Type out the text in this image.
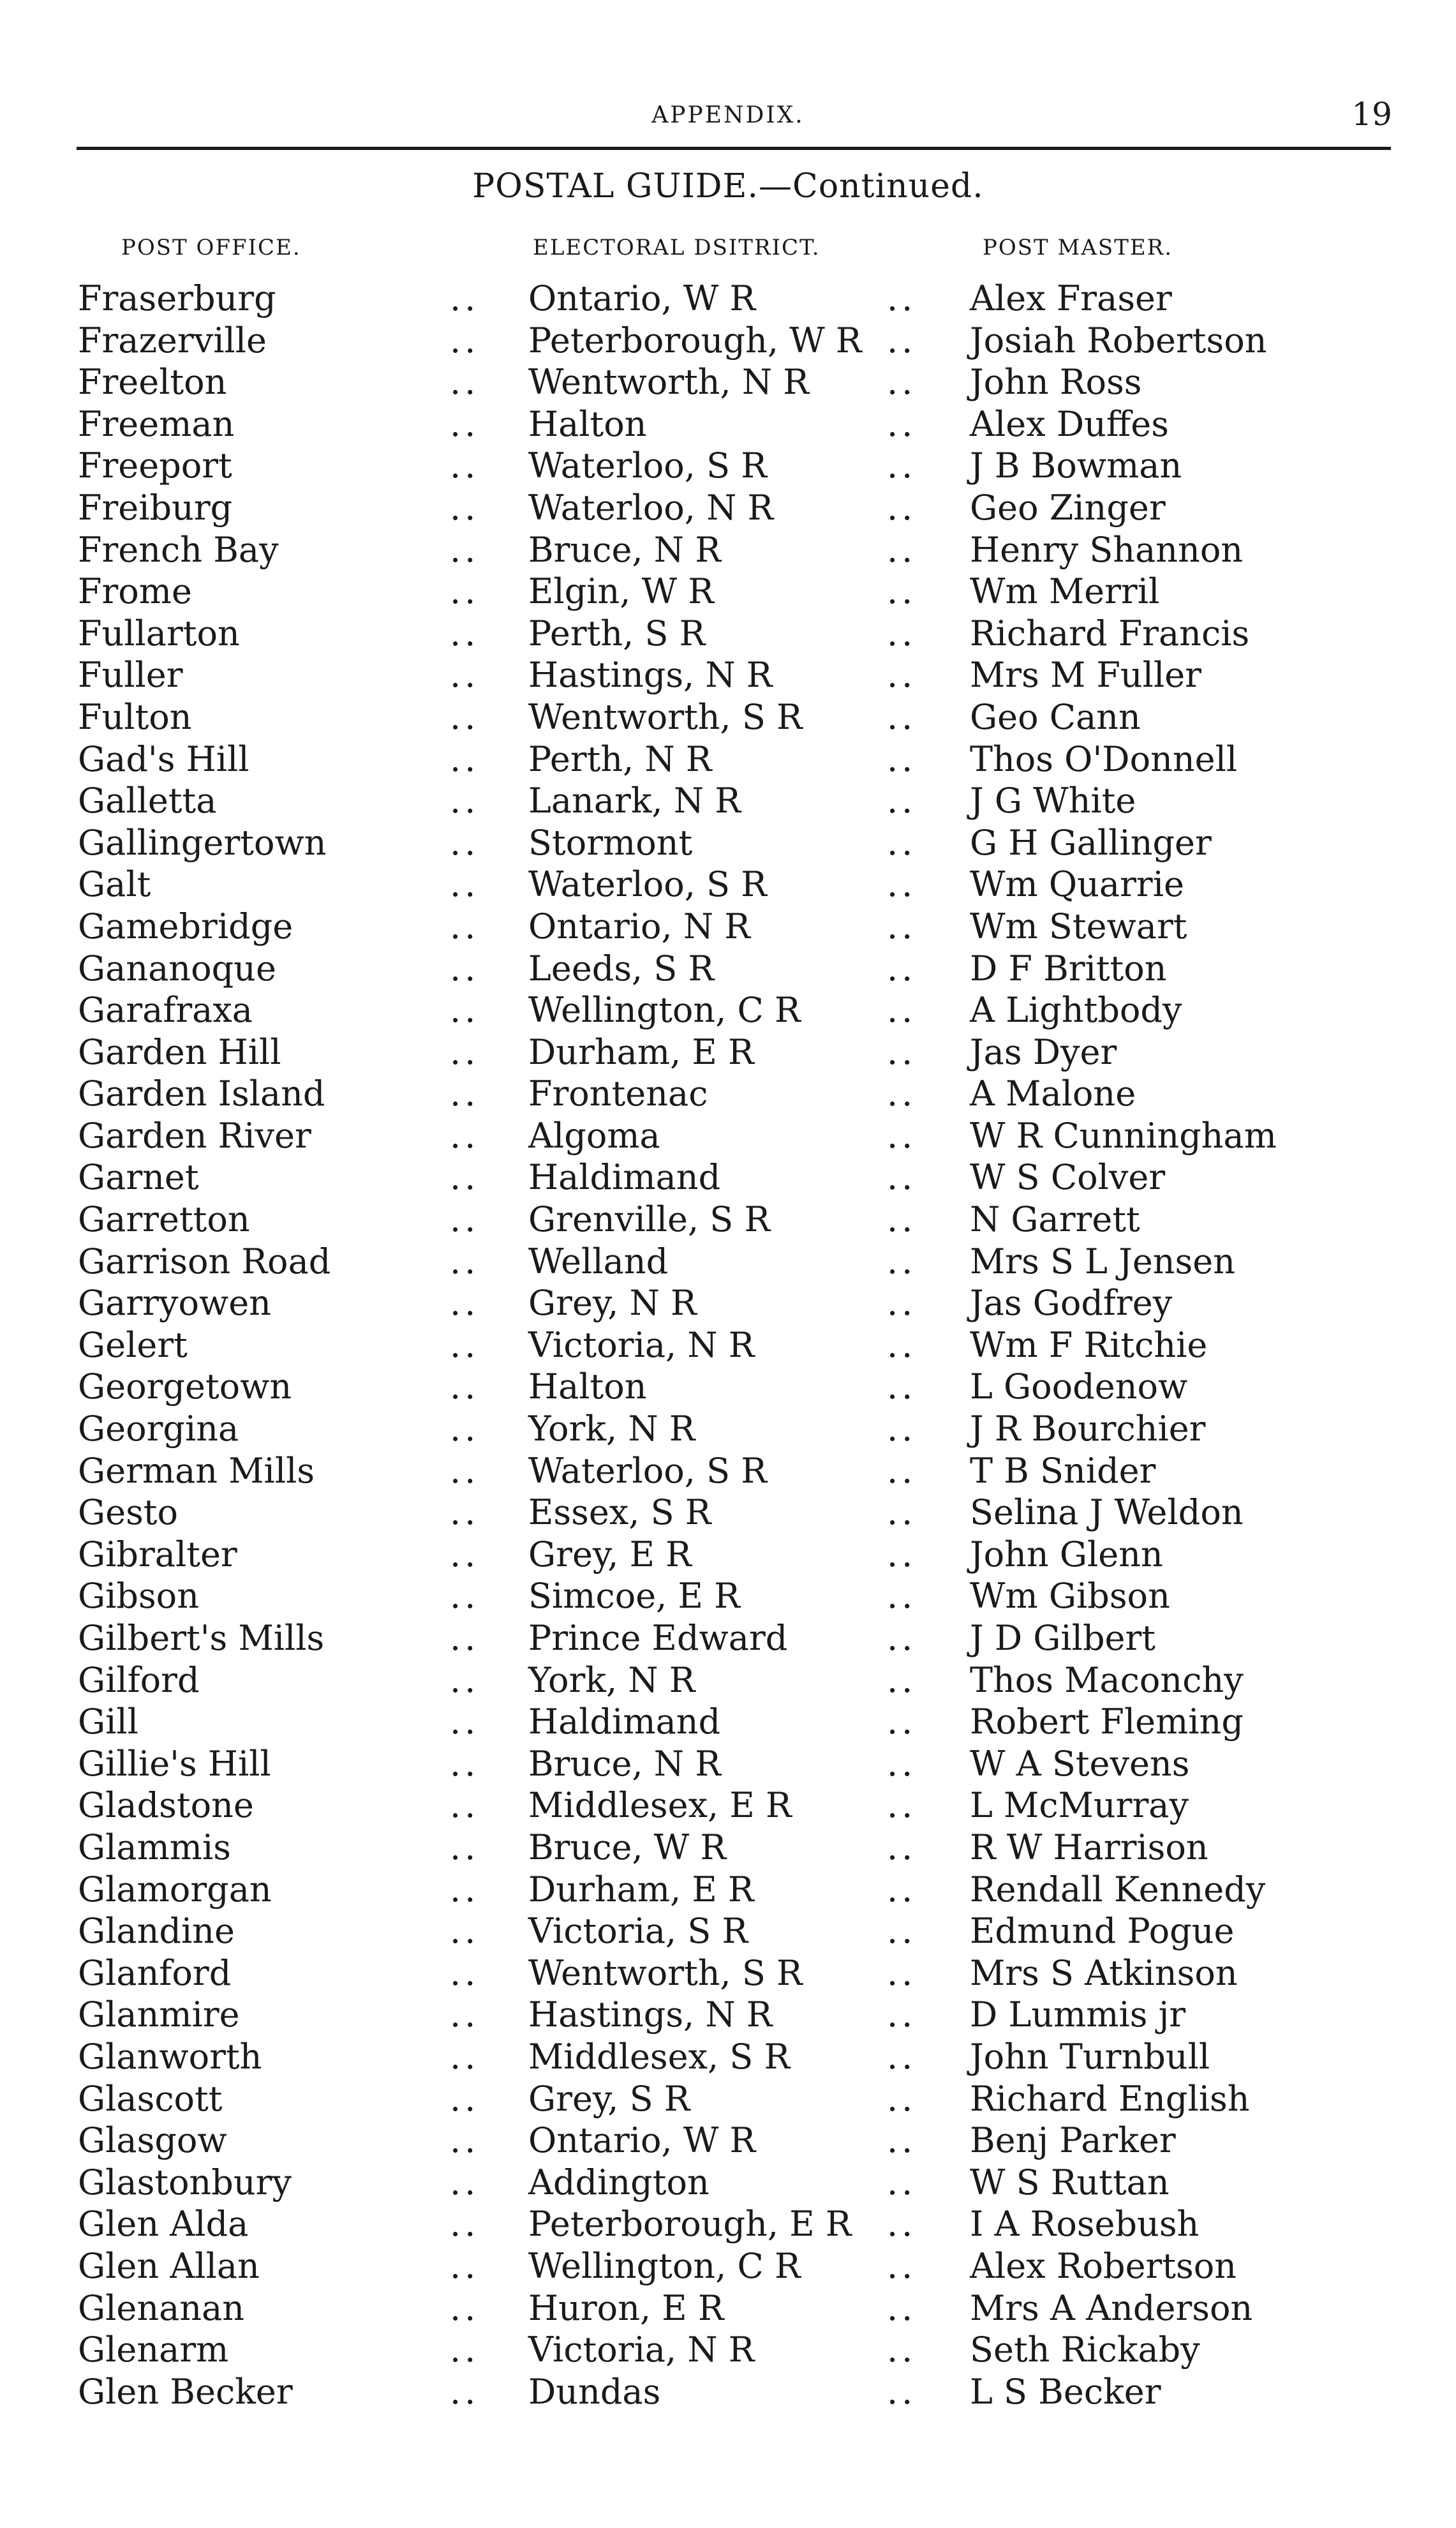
APPENDIX.	19
POSTAL GUIDE.—Continued.
POST OFFICE.	ELECTORAL DSITRICT.	POST MASTER.
Fraserburg	.. Ontario, W R	.. Alex Fraser
Frazerville	.. Peterborough, W R .. Josiah Robertson
Freelton	.. Wentworth, N R .. John Ross
Freeman	.. Halton	.. Alex Duffes
Freeport	.. Waterloo, S R	.. J B Bowman
Freiburg	.. Waterloo, N R	.. Geo Zinger
French Bay	.. Bruce, N R	.. Henry Shannon
Frome	.. Elgin, W R	.. Wm Merril
Fullarton	.. Perth, S R	.. Richard Francis
Fuller	.. Hastings, N R	.. Mrs M Fuller
Fulton	.. Wentworth, S R .. Geo Cann
Gad's Hill	.. Perth, N R	.. Thos O'Donnell
Galletta	.. Lanark, N R	.. J G White
Gallingertown	.. Stormont	.. G H Gallinger
Galt	.. Waterloo, S R	.. Wm Quarrie
Gamebridge	.. Ontario, N R	.. Wm Stewart
Gananoque	.. Leeds, S R	.. D F Britton
Garafraxa	.. Wellington, C R	.. A Lightbody
Garden Hill	.. Durham, E R	.. Jas Dyer
Garden Island	.. Frontenac	.. A Malone
Garden River	.. Algoma	.. W R Cunningham
Garnet	.. Haldimand	.. W S Colver
Garretton	.. Grenville, S R	.. N Garrett
Garrison Road	.. Welland	.. Mrs S L Jensen
Garryowen	.. Grey, N R	.. Jas Godfrey
Gelert	.. Victoria, N R	.. Wm F Ritchie
Georgetown	.. Halton	.. L Goodenow
Georgina	.. York, N R	.. J R Bourchier
German Mills	.. Waterloo, S R	.. T B Snider
Gesto	.. Essex, S R	.. Selina J Weldon
Gibralter	.. Grey, E R	.. John Glenn
Gibson	.. Simcoe, E R	.. Wm Gibson
Gilbert's Mills	.. Prince Edward	.. J D Gilbert
Gilford	.. York, N R	.. Thos Maconchy
Gill	.. Haldimand	.. Robert Fleming
Gillie's Hill	.. Bruce, N R	.. W A Stevens
Gladstone	.. Middlesex, E R	.. L McMurray
Glammis	.. Bruce, W R	.. R W Harrison
Glamorgan	.. Durham, E R	.. Rendall Kennedy
Glandine	.. Victoria, S R	.. Edmund Pogue
Glanford	.. Wentworth, S R .. Mrs S Atkinson
Glanmire	.. Hastings, N R	.. D Lummis jr
Glanworth	.. Middlesex, S R	.. John Turnbull
Glascott	.. Grey, S R	.. Richard English
Glasgow	.. Ontario, W R	.. Benj Parker
Glastonbury	.. Addington	.. W S Ruttan
Glen Alda	.. Peterborough, E R .. I A Rosebush
Glen Allan	.. Wellington, C R	.. Alex Robertson
Glenanan	.. Huron, E R	.. Mrs A Anderson
Glenarm	.. Victoria, N R	.. Seth Rickaby
Glen Becker	.. Dundas	.. L S Becker
